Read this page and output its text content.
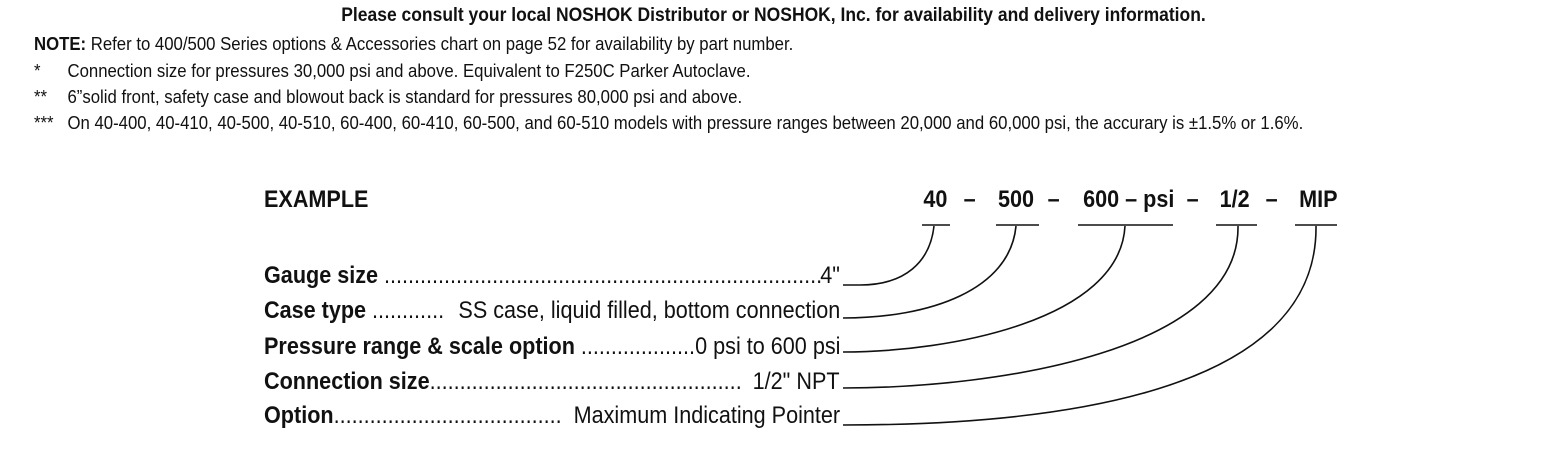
Please consult your local NOSHOK Distributor or NOSHOK, Inc. for availability and delivery information.
NOTE: Refer to 400/500 Series options & Accessories chart on page 52 for availability by part number.
* Connection size for pressures 30,000 psi and above. Equivalent to F250C Parker Autoclave.
** 6”solid front, safety case and blowout back is standard for pressures 80,000 psi and above.
*** On 40-400, 40-410, 40-500, 40-510, 60-400, 60-410, 60-500, and 60-510 models with pressure ranges between 20,000 and 60,000 psi, the accurary is ±1.5% or 1.6%.
EXAMPLE	40 – 500 – 600 – psi – 1/2 – MIP
Gauge size .........................................................................
4"
Case type ............ SS case, liquid filled, bottom connection
Pressure range & scale option ................... 0 psi to 600 psi
Connection size.................................................... 1/2" NPT
Option...................................... Maximum Indicating Pointer
